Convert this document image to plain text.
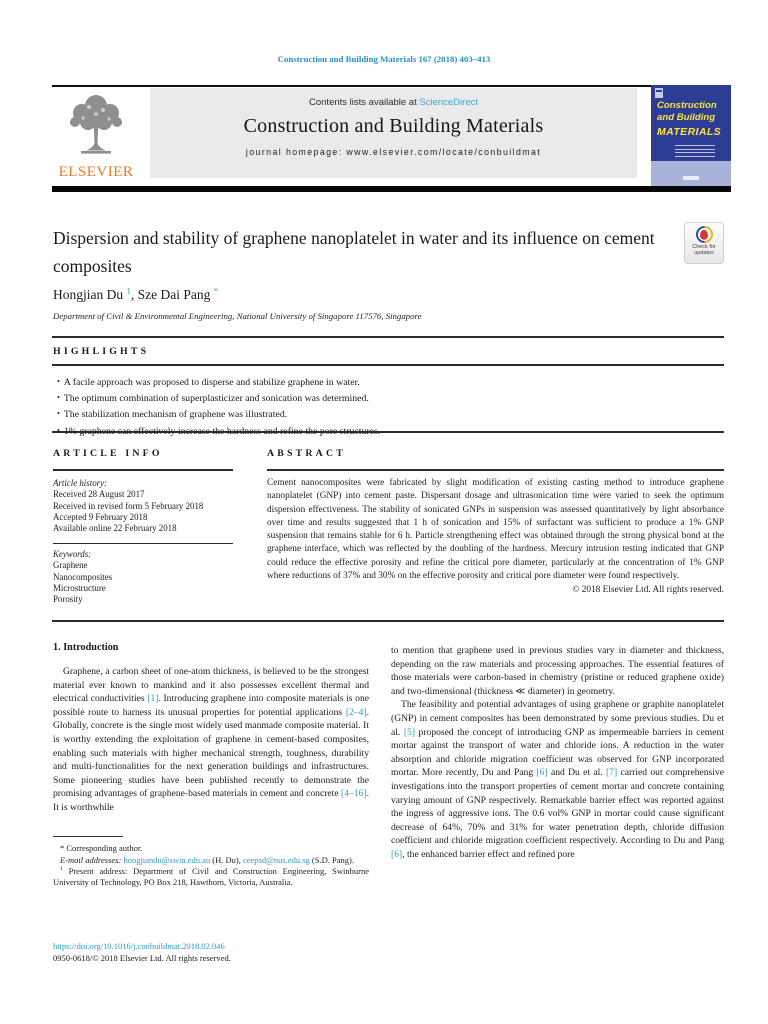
Construction and Building Materials 167 (2018) 403–413
ELSEVIER
Contents lists available at ScienceDirect
Construction and Building Materials
journal homepage: www.elsevier.com/locate/conbuildmat
Construction
and Building
MATERIALS
Dispersion and stability of graphene nanoplatelet in water and its influence on cement composites
Check for updates
Hongjian Du $^1$, Sze Dai Pang *
Department of Civil & Environmental Engineering, National University of Singapore 117576, Singapore
HIGHLIGHTS
• A facile approach was proposed to disperse and stabilize graphene in water.
• The optimum combination of superplasticizer and sonication was determined.
• The stabilization mechanism of graphene was illustrated.
ARTICLE INFO	ABSTRACT
Article history:
Received 28 August 2017
Received in revised form 5 February 2018
Accepted 9 February 2018
Available online 22 February 2018
Keywords:
Graphene
Nanocomposites
Microstructure
Porosity
Cement nanocomposites were fabricated by slight modification of existing casting method to introduce graphene nanoplatelet (GNP) into cement paste. Dispersant dosage and ultrasonication time were varied to seek the optimum dispersion effectiveness. The stability of sonicated GNPs in suspension was assessed quantitatively by light absorbance over time and results suggested that 1 h of sonication and 15% of surfactant was sufficient to produce a 1% GNP suspension that remains stable for 6 h. Particle strengthening effect was obtained through the strong physical bond at the graphene interface, which was reflected by the doubling of the hardness. Mercury intrusion testing indicated that GNP could reduce the effective porosity and refine the critical pore diameter, particularly at the concentration of 1% GNP where reductions of 37% and 30% on the effective porosity and critical pore diameter were found respectively.
© 2018 Elsevier Ltd. All rights reserved.
1. Introduction

Graphene, a carbon sheet of one-atom thickness, is believed to be the strongest material ever known to mankind and it also possesses excellent thermal and electrical conductivities [1]. Introducing graphene into composite materials is one possible route to harness its unusual properties for potential applications [2–4]. Globally, concrete is the single most widely used manmade composite material. It is worthy extending the exploitation of graphene in cement-based composites, enabling such materials with higher mechanical strength, toughness, durability and multi-functionalities for the next generation buildings and infrastructures. Some pioneering studies have been published recently to demonstrate the promising advantages of graphene-based materials in cement and concrete [4–16]. It is worthwhile

to mention that graphene used in previous studies vary in diameter and thickness, depending on the raw materials and processing approaches. The essential features of those materials were carbon-based in chemistry (pristine or reduced graphene oxide) and two-dimensional (thickness ≪ diameter) in geometry.

The feasibility and potential advantages of using graphene or graphite nanoplatelet (GNP) in cement composites has been demonstrated by some previous studies. Du et al. [5] proposed the concept of introducing GNP as impermeable barriers in cement mortar against the transport of water and chloride ions. A reduction in the water absorption and chloride migration coefficient was observed for GNP incorporated mortar. More recently, Du and Pang [6] and Du et al. [7] carried out comprehensive investigations into the transport properties of cement mortar and concrete containing varying amount of GNP respectively. Remarkable barrier effect was reported against the ingress of aggressive ions. The 0.6 vol% GNP in mortar could cause significant decrease of 64%, 70% and 31% for water penetration depth, chloride diffusion coefficient and chloride migration coefficient respectively. According to Du and Pang [6], the enhanced barrier effect and refined pore

* Corresponding author.
E-mail addresses: hongjiandu@swin.edu.au (H. Du), ceepsd@nus.edu.sg (S.D. Pang).
$^1$ Present address: Department of Civil and Construction Engineering, Swinburne University of Technology, PO Box 218, Hawthorn, Victoria, Australia.
https://doi.org/10.1016/j.conbuildmat.2018.02.046
0950-0618/© 2018 Elsevier Ltd. All rights reserved.
